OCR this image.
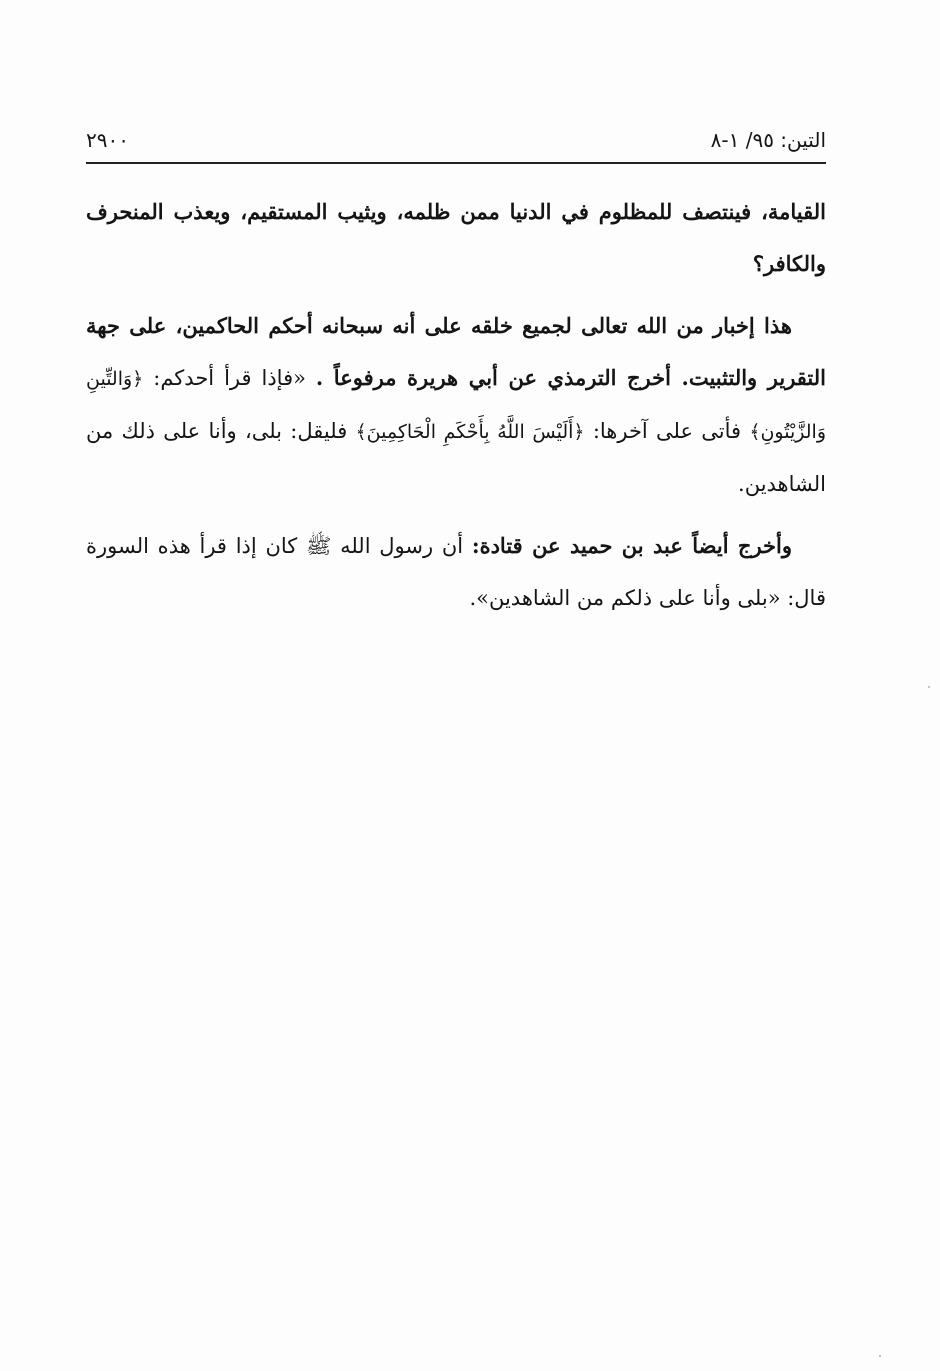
التين: ٩٥/ ١-٨
٢٩٠٠

القيامة، فينتصف للمظلوم في الدنيا ممن ظلمه، ويثيب المستقيم، ويعذب المنحرف والكافر؟

هذا إخبار من الله تعالى لجميع خلقه على أنه سبحانه أحكم الحاكمين، على جهة التقرير والتثبيت. أخرج الترمذي عن أبي هريرة مرفوعاً . «فإذا قرأ أحدكم: ﴿وَالتِّينِ وَالزَّيْتُونِ﴾ فأتى على آخرها: ﴿أَلَيْسَ اللَّهُ بِأَحْكَمِ الْحَاكِمِينَ﴾ فليقل: بلى، وأنا على ذلك من الشاهدين.

وأخرج أيضاً عبد بن حميد عن قتادة: أن رسول الله ﷺ كان إذا قرأ هذه السورة قال: «بلى وأنا على ذلكم من الشاهدين».
